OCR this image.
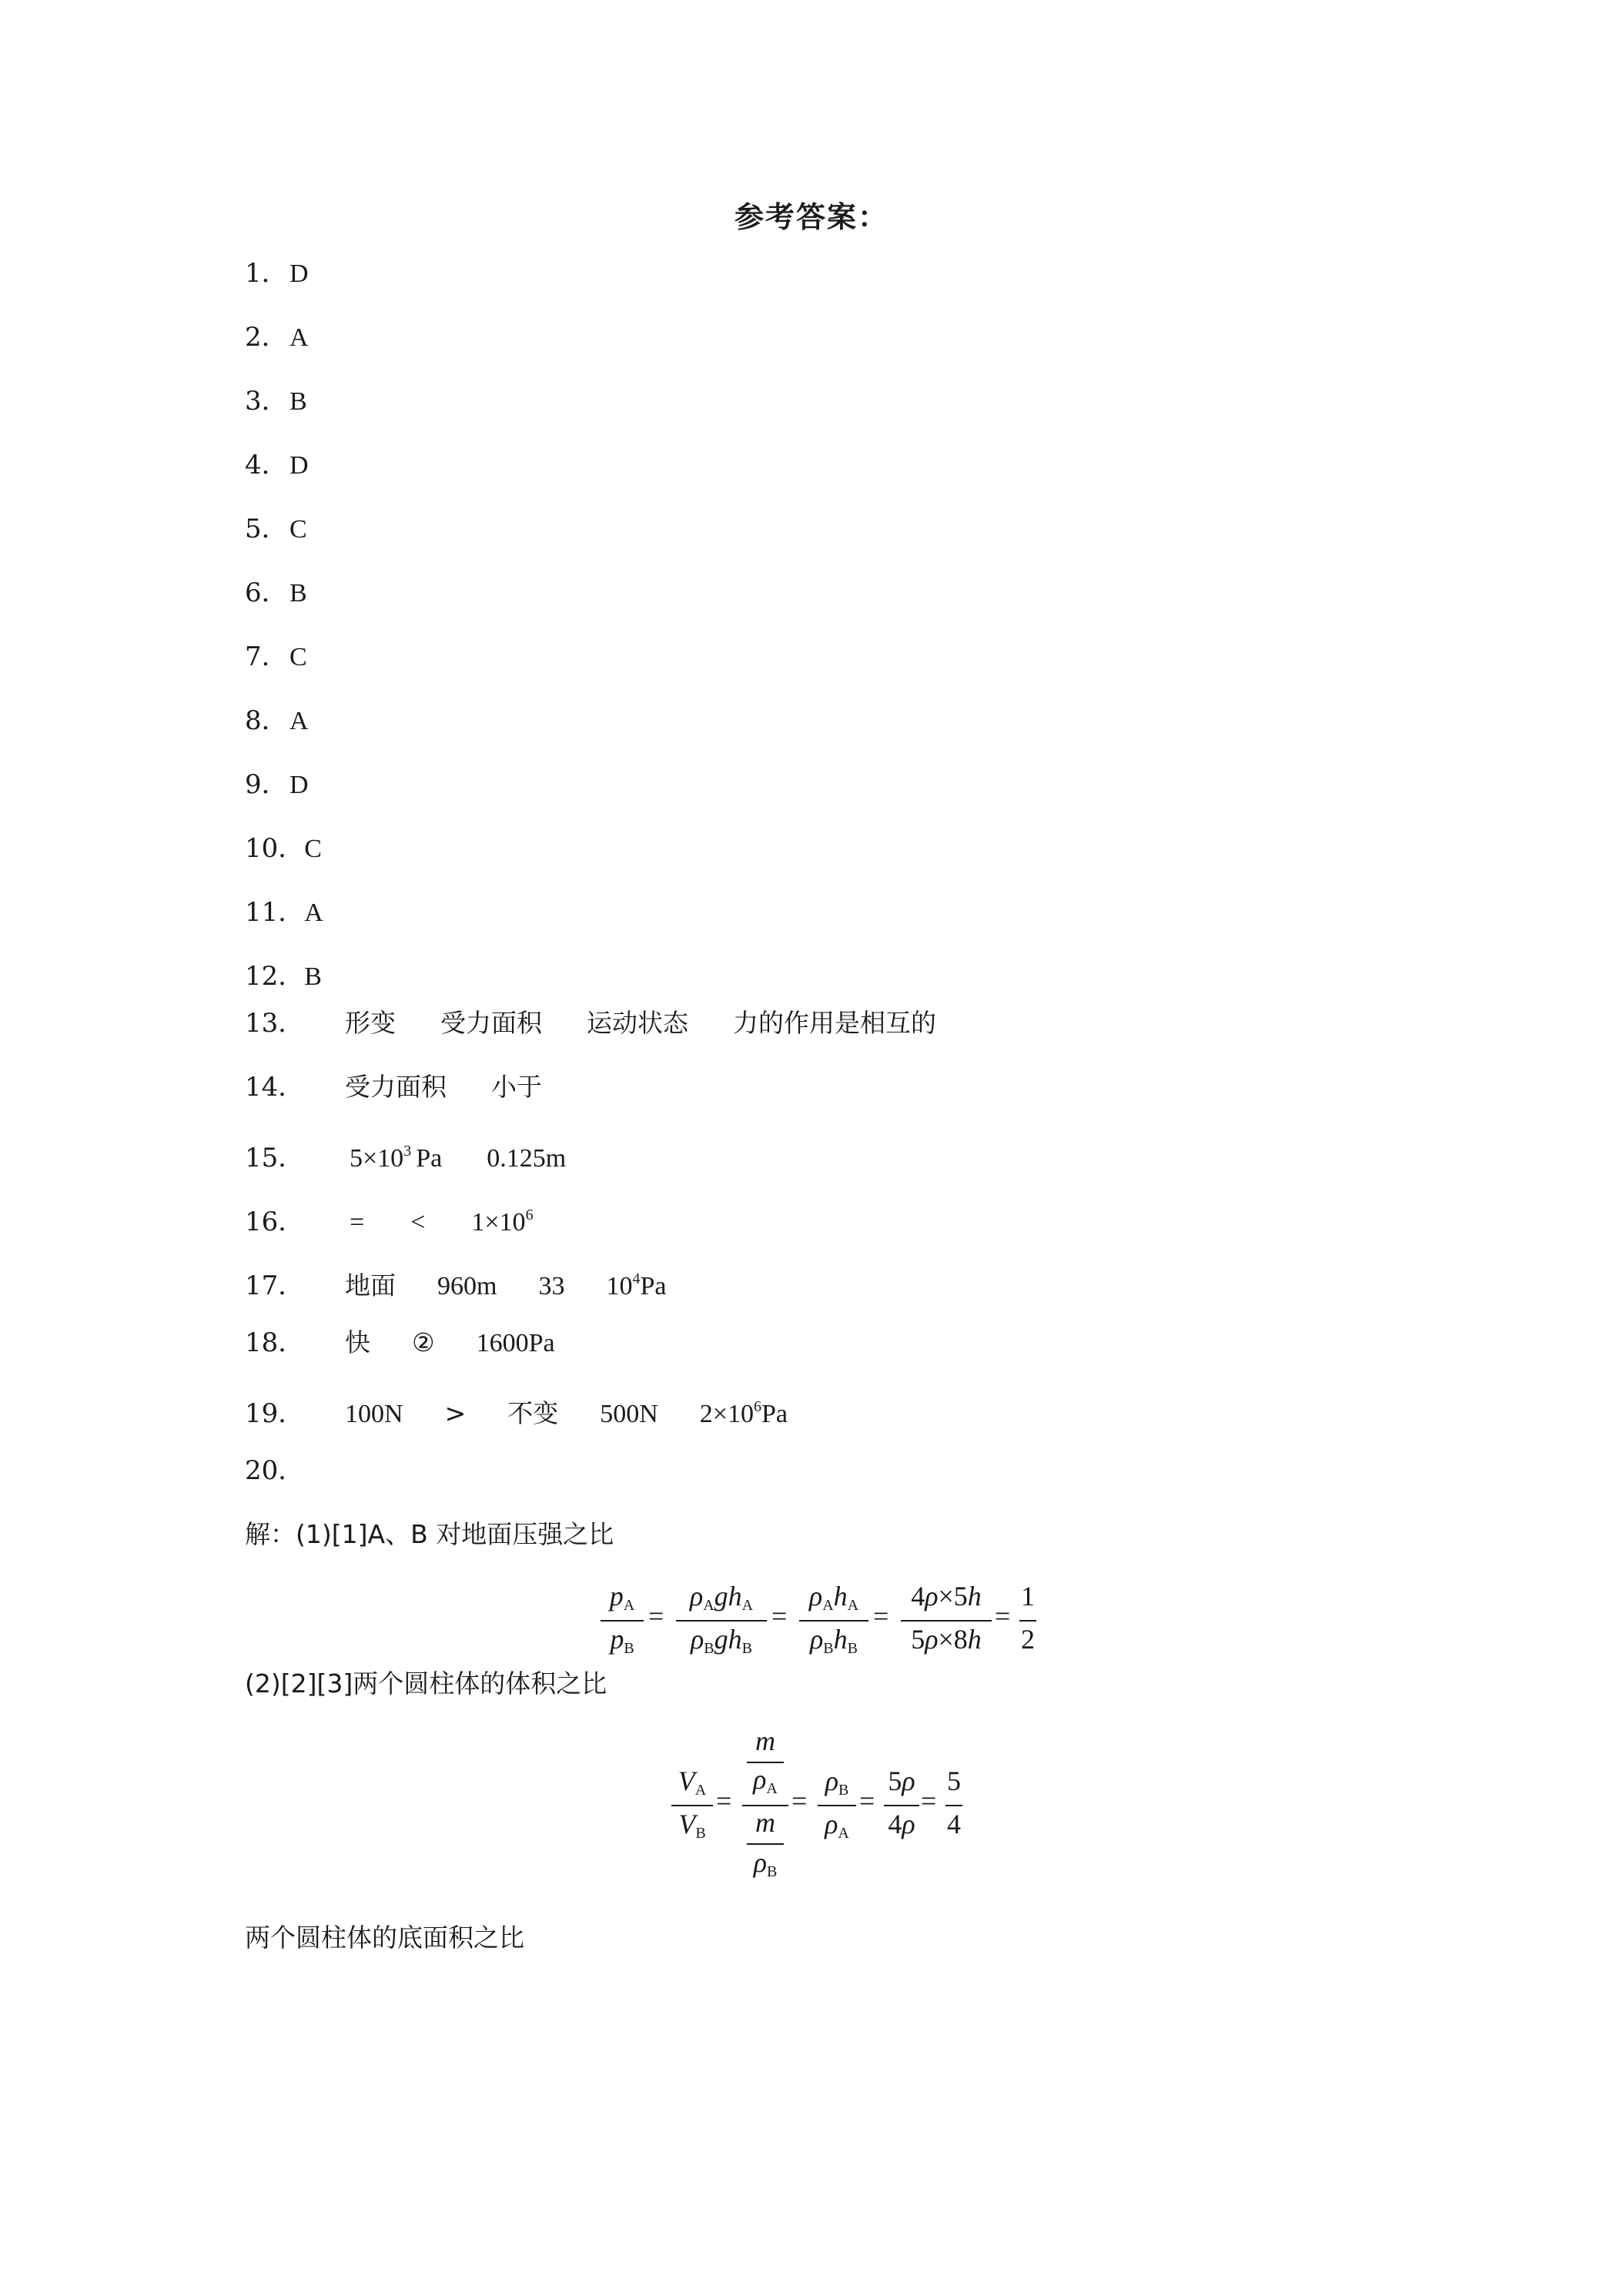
参考答案：
1．D
2．A
3．B
4．D
5．C
6．B
7．C
8．A
9．D
10．C
11．A
12．B
13． 形变 受力面积 运动状态 力的作用是相互的
14． 受力面积 小于
15． $5\times 10^3$ Pa 0.125m
16． = < $1\times 10^6$
17． 地面 960m 33 $10^4Pa$
18． 快 ② 1600Pa
19． 100N > 不变 500N $2\times 10^6Pa$
20．
解：(1)[1]A、B 对地面压强之比
$p_A$
$p_B$
=
$\rho_Agh_A$
$\rho_Bgh_B$
=
$\rho_Ah_A$
$\rho_Bh_B$
=
4ρ×5h
5ρ×8h
=
1
2
(2)[2][3]两个圆柱体的体积之比
$V_A$
$V_B$
=
m
$\rho_A$
m
$\rho_B$
=
$\rho_B$
$\rho_A$
=
5ρ
4ρ
=
5
4
两个圆柱体的底面积之比
